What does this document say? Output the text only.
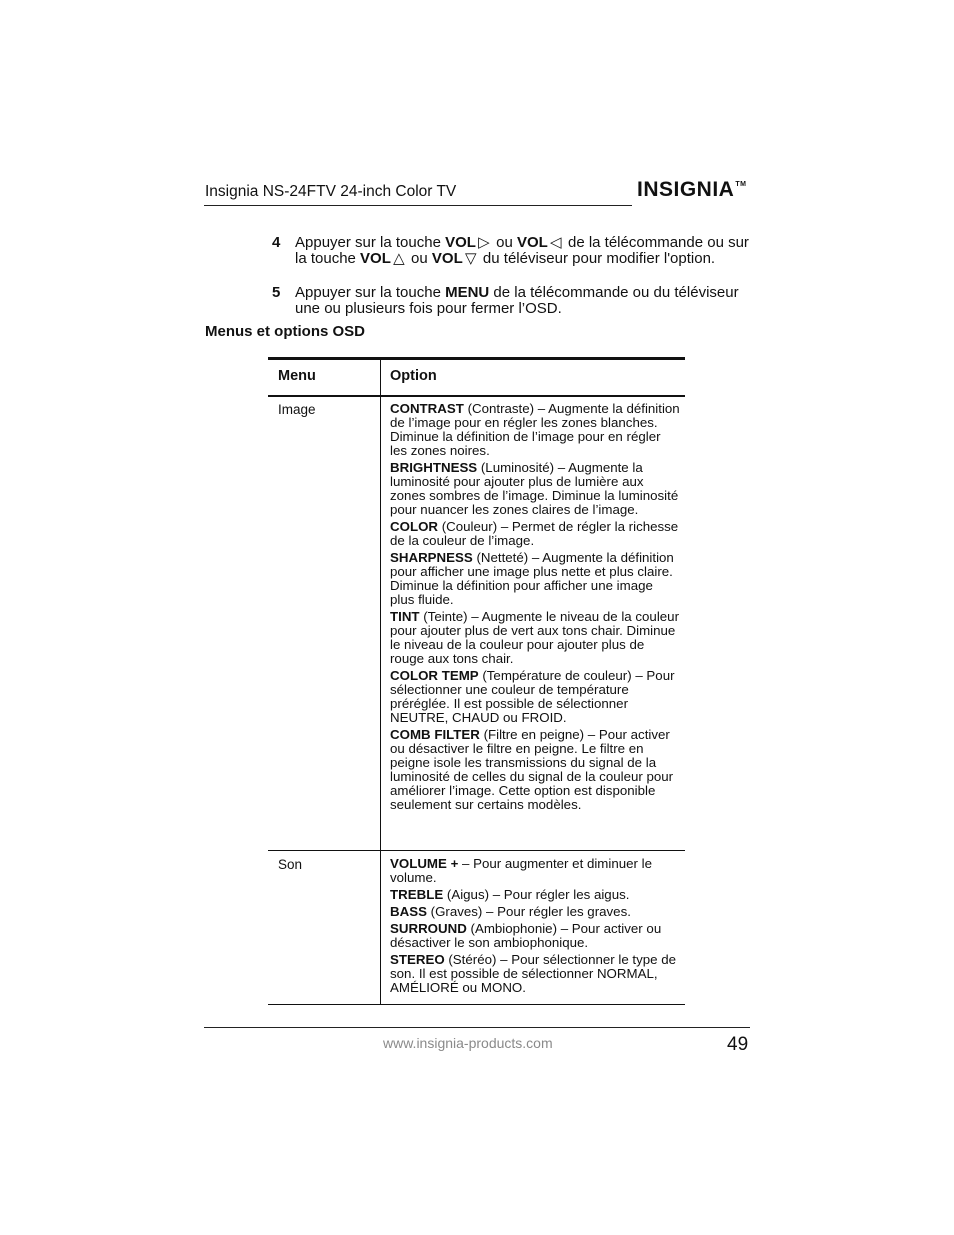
Insignia NS-24FTV 24-inch Color TV	INSIGNIA™
4 Appuyer sur la touche VOL ▷ ou VOL ◁ de la télécommande ou sur la touche VOL △ ou VOL ▽ du téléviseur pour modifier l'option.
5 Appuyer sur la touche MENU de la télécommande ou du téléviseur une ou plusieurs fois pour fermer l’OSD.
Menus et options OSD
Menu	Option
Image	CONTRAST (Contraste) – Augmente la définition de l’image pour en régler les zones blanches. Diminue la définition de l’image pour en régler les zones noires.

BRIGHTNESS (Luminosité) – Augmente la luminosité pour ajouter plus de lumière aux zones sombres de l’image. Diminue la luminosité pour nuancer les zones claires de l’image.

COLOR (Couleur) – Permet de régler la richesse de la couleur de l’image.

SHARPNESS (Netteté) – Augmente la définition pour afficher une image plus nette et plus claire. Diminue la définition pour afficher une image plus fluide.

TINT (Teinte) – Augmente le niveau de la couleur pour ajouter plus de vert aux tons chair. Diminue le niveau de la couleur pour ajouter plus de rouge aux tons chair.

COLOR TEMP (Température de couleur) – Pour sélectionner une couleur de température préréglée. Il est possible de sélectionner NEUTRE, CHAUD ou FROID.

COMB FILTER (Filtre en peigne) – Pour activer ou désactiver le filtre en peigne. Le filtre en peigne isole les transmissions du signal de la luminosité de celles du signal de la couleur pour améliorer l’image. Cette option est disponible seulement sur certains modèles.

Son	VOLUME + – Pour augmenter et diminuer le volume.

TREBLE (Aigus) – Pour régler les aigus.

BASS (Graves) – Pour régler les graves.

SURROUND (Ambiophonie) – Pour activer ou désactiver le son ambiophonique.

STEREO (Stéréo) – Pour sélectionner le type de son. Il est possible de sélectionner NORMAL, AMÉLIORÉ ou MONO.

www.insignia-products.com	49
